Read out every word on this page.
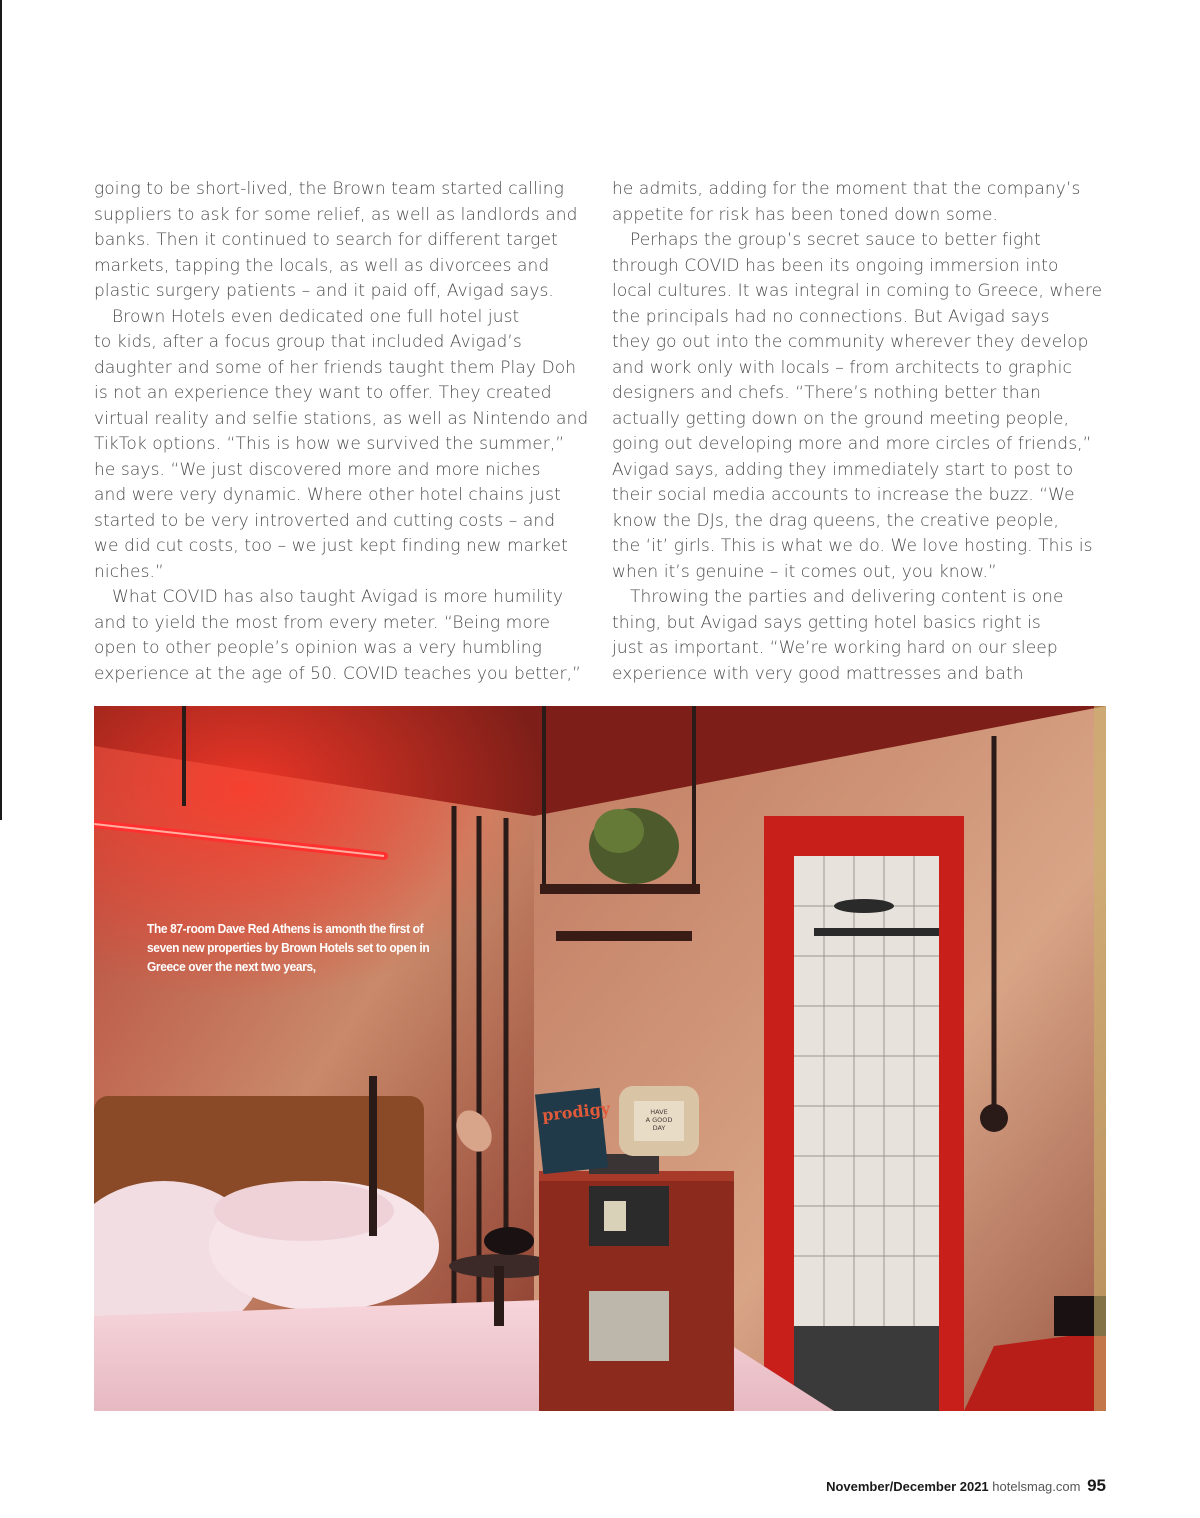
going to be short-lived, the Brown team started calling
suppliers to ask for some relief, as well as landlords and
banks. Then it continued to search for different target
markets, tapping the locals, as well as divorcees and
plastic surgery patients – and it paid off, Avigad says.
Brown Hotels even dedicated one full hotel just
to kids, after a focus group that included Avigad’s
daughter and some of her friends taught them Play Doh
is not an experience they want to offer. They created
virtual reality and selfie stations, as well as Nintendo and
TikTok options. “This is how we survived the summer,”
he says. “We just discovered more and more niches
and were very dynamic. Where other hotel chains just
started to be very introverted and cutting costs – and
we did cut costs, too – we just kept finding new market
niches.”
What COVID has also taught Avigad is more humility
and to yield the most from every meter. “Being more
open to other people’s opinion was a very humbling
experience at the age of 50. COVID teaches you better,”
he admits, adding for the moment that the company’s
appetite for risk has been toned down some.
Perhaps the group’s secret sauce to better fight
through COVID has been its ongoing immersion into
local cultures. It was integral in coming to Greece, where
the principals had no connections. But Avigad says
they go out into the community wherever they develop
and work only with locals – from architects to graphic
designers and chefs. “There’s nothing better than
actually getting down on the ground meeting people,
going out developing more and more circles of friends,”
Avigad says, adding they immediately start to post to
their social media accounts to increase the buzz. “We
know the DJs, the drag queens, the creative people,
the ‘it’ girls. This is what we do. We love hosting. This is
when it’s genuine – it comes out, you know.”
Throwing the parties and delivering content is one
thing, but Avigad says getting hotel basics right is
just as important. “We’re working hard on our sleep
experience with very good mattresses and bath
prodigy	HAVE
A GOOD
DAY
The 87-room Dave Red Athens is amonth the first of
seven new properties by Brown Hotels set to open in
Greece over the next two years,
November/December 2021 hotelsmag.com 95
